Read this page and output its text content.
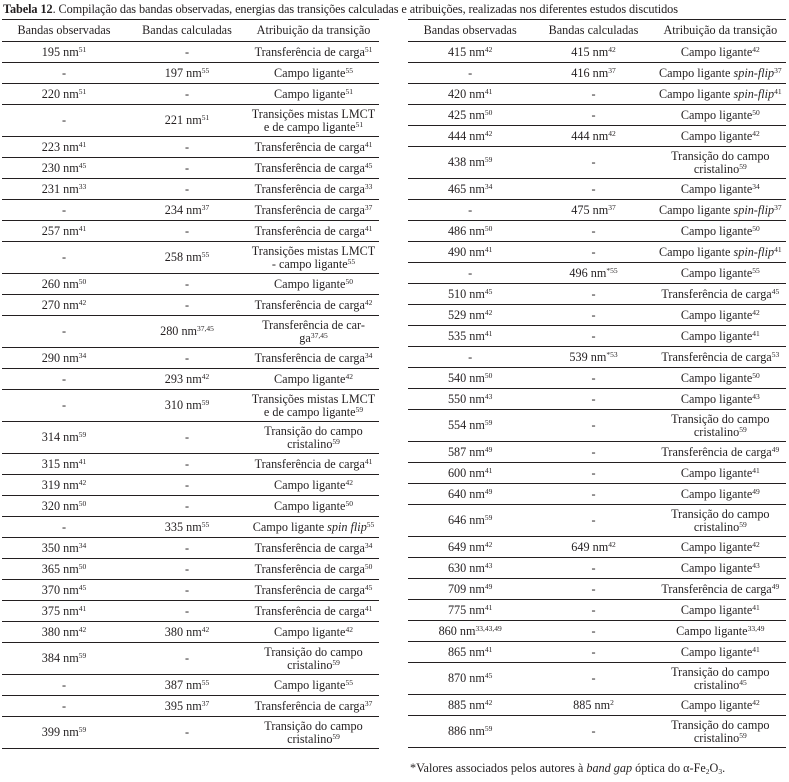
Tabela 12. Compilação das bandas observadas, energias das transições calculadas e atribuições, realizadas nos diferentes estudos discutidos
Bandas observadas	Bandas calculadas	Atribuição da transição
195 $nm^{51}$	-	Transferência de carga$^{51}$
-	197 $nm^{55}$	Campo ligante$^{55}$
220 $nm^{51}$	-	Campo ligante$^{51}$
-	221 $nm^{51}$	Transições mistas LMCT e de campo ligante$^{51}$
223 $nm^{41}$	-	Transferência de carga$^{41}$
230 $nm^{45}$	-	Transferência de carga$^{45}$
231 $nm^{33}$	-	Transferência de carga$^{33}$
-	234 $nm^{37}$	Transferência de carga$^{37}$
257 $nm^{41}$	-	Transferência de carga$^{41}$
-	258 $nm^{55}$	Transições mistas LMCT - campo ligante$^{55}$
260 $nm^{50}$	-	Campo ligante$^{50}$
270 $nm^{42}$	-	Transferência de carga$^{42}$
-	280 nm$^{37,45}$	Transferência de car- ga$^{37,45}$
290 $nm^{34}$	-	Transferência de carga$^{34}$
-	293 $nm^{42}$	Campo ligante$^{42}$
-	310 $nm^{59}$	Transições mistas LMCT e de campo ligante$^{59}$
314 $nm^{59}$	-	Transição do campo cristalino$^{59}$
315 $nm^{41}$	-	Transferência de carga$^{41}$
319 $nm^{42}$	-	Campo ligante$^{42}$
320 $nm^{50}$	-	Campo ligante$^{50}$
-	335 $nm^{55}$	Campo ligante spin flip$^{55}$
350 $nm^{34}$	-	Transferência de carga$^{34}$
365 $nm^{50}$	-	Transferência de carga$^{50}$
370 $nm^{45}$	-	Transferência de carga$^{45}$
375 $nm^{41}$	-	Transferência de carga$^{41}$
380 $nm^{42}$	380 $nm^{42}$	Campo ligante$^{42}$
384 $nm^{59}$	-	Transição do campo cristalino$^{59}$
-	387 $nm^{55}$	Campo ligante$^{55}$
-	395 $nm^{37}$	Transferência de carga$^{37}$
399 $nm^{59}$	-	Transição do campo cristalino$^{59}$
Bandas observadas	Bandas calculadas	Atribuição da transição
415 $nm^{42}$	415 $nm^{42}$	Campo ligante$^{42}$
-	416 $nm^{37}$	Campo ligante spin-flip$^{37}$
420 $nm^{41}$	-	Campo ligante spin-flip$^{41}$
425 $nm^{50}$	-	Campo ligante$^{50}$
444 $nm^{42}$	444 $nm^{42}$	Campo ligante$^{42}$
438 $nm^{59}$	-	Transição do campo cristalino$^{59}$
465 $nm^{34}$	-	Campo ligante$^{34}$
-	475 $nm^{37}$	Campo ligante spin-flip$^{37}$
486 $nm^{50}$	-	Campo ligante$^{50}$
490 $nm^{41}$	-	Campo ligante spin-flip$^{41}$
-	496 $nm^{*55}$	Campo ligante$^{55}$
510 $nm^{45}$	-	Transferência de carga$^{45}$
529 $nm^{42}$	-	Campo ligante$^{42}$
535 $nm^{41}$	-	Campo ligante$^{41}$
-	539 $nm^{*53}$	Transferência de carga$^{53}$
540 $nm^{50}$	-	Campo ligante$^{50}$
550 $nm^{43}$	-	Campo ligante$^{43}$
554 $nm^{59}$	-	Transição do campo cristalino$^{59}$
587 $nm^{49}$	-	Transferência de carga$^{49}$
600 $nm^{41}$	-	Campo ligante$^{41}$
640 $nm^{49}$	-	Campo ligante$^{49}$
646 $nm^{59}$	-	Transição do campo cristalino$^{59}$
649 $nm^{42}$	649 $nm^{42}$	Campo ligante$^{42}$
630 $nm^{43}$	-	Campo ligante$^{43}$
709 $nm^{49}$	-	Transferência de carga$^{49}$
775 $nm^{41}$	-	Campo ligante$^{41}$
860 nm$^{33,43,49}$	-	Campo ligante$^{33,49}$
865 $nm^{41}$	-	Campo ligante$^{41}$
870 $nm^{45}$	-	Transição do campo cristalino$^{45}$
885 $nm^{42}$	885 $nm^2$	Campo ligante$^{42}$
886 $nm^{59}$	-	Transição do campo cristalino$^{59}$
*Valores associados pelos autores à band gap óptica do $\alpha-Fe_2O_3$.
